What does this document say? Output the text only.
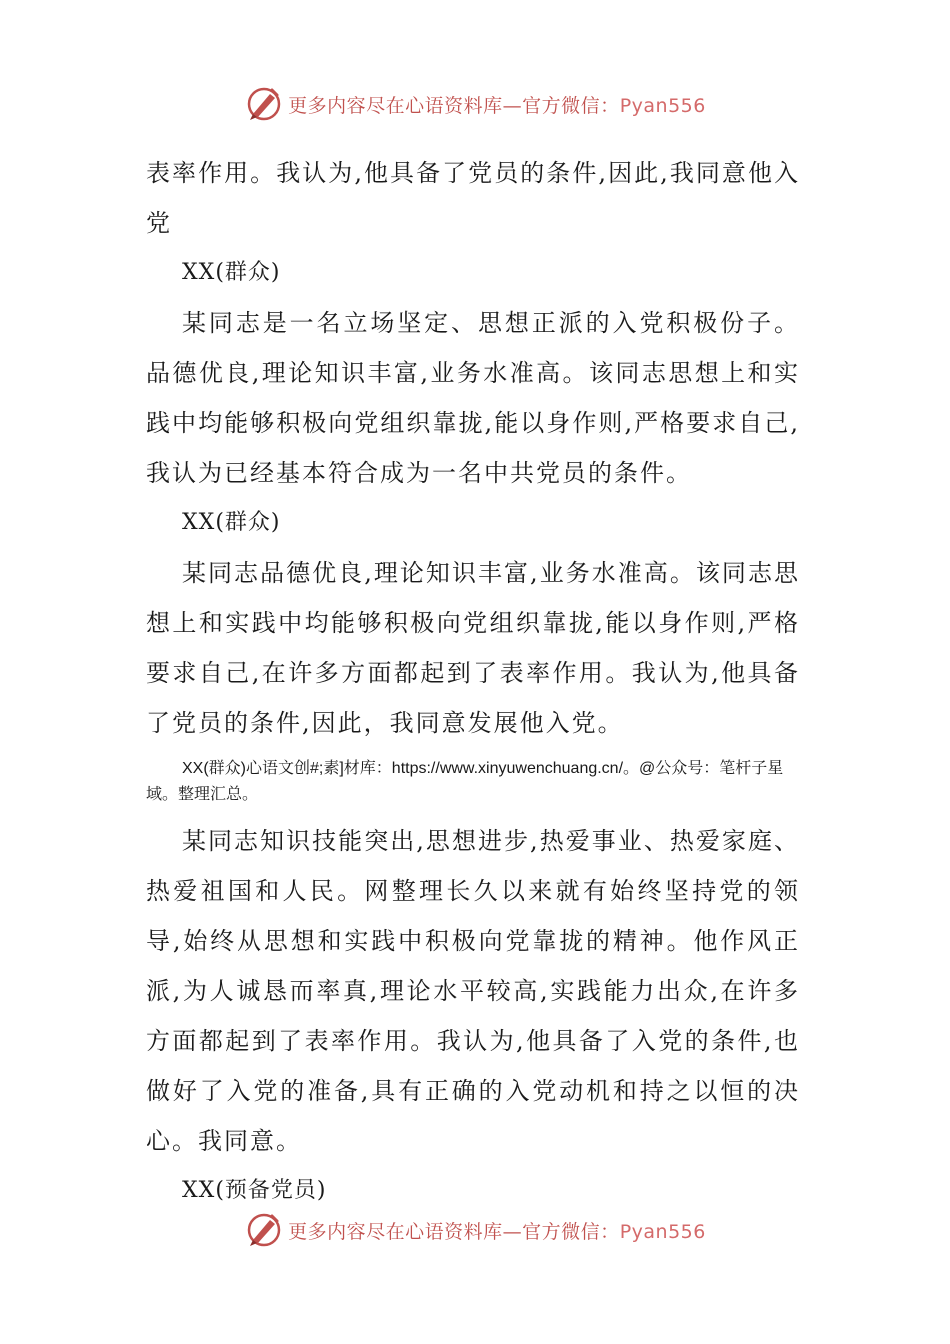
更多内容尽在心语资料库—官方微信：Pyan556

表率作用。我认为,他具备了党员的条件,因此,我同意他入党

XX(群众)

某同志是一名立场坚定、思想正派的入党积极份子。品德优良,理论知识丰富,业务水准高。该同志思想上和实践中均能够积极向党组织靠拢,能以身作则,严格要求自己,我认为已经基本符合成为一名中共党员的条件。

XX(群众)

某同志品德优良,理论知识丰富,业务水准高。该同志思想上和实践中均能够积极向党组织靠拢,能以身作则,严格要求自己,在许多方面都起到了表率作用。我认为,他具备了党员的条件,因此，我同意发展他入党。

XX(群众)心语文创#;素]材库：https://www.xinyuwenchuang.cn/。@公众号：笔杆子星域。整理汇总。

某同志知识技能突出,思想进步,热爱事业、热爱家庭、热爱祖国和人民。网整理长久以来就有始终坚持党的领导,始终从思想和实践中积极向党靠拢的精神。他作风正派,为人诚恳而率真,理论水平较高,实践能力出众,在许多方面都起到了表率作用。我认为,他具备了入党的条件,也做好了入党的准备,具有正确的入党动机和持之以恒的决心。我同意。

XX(预备党员)

更多内容尽在心语资料库—官方微信：Pyan556
